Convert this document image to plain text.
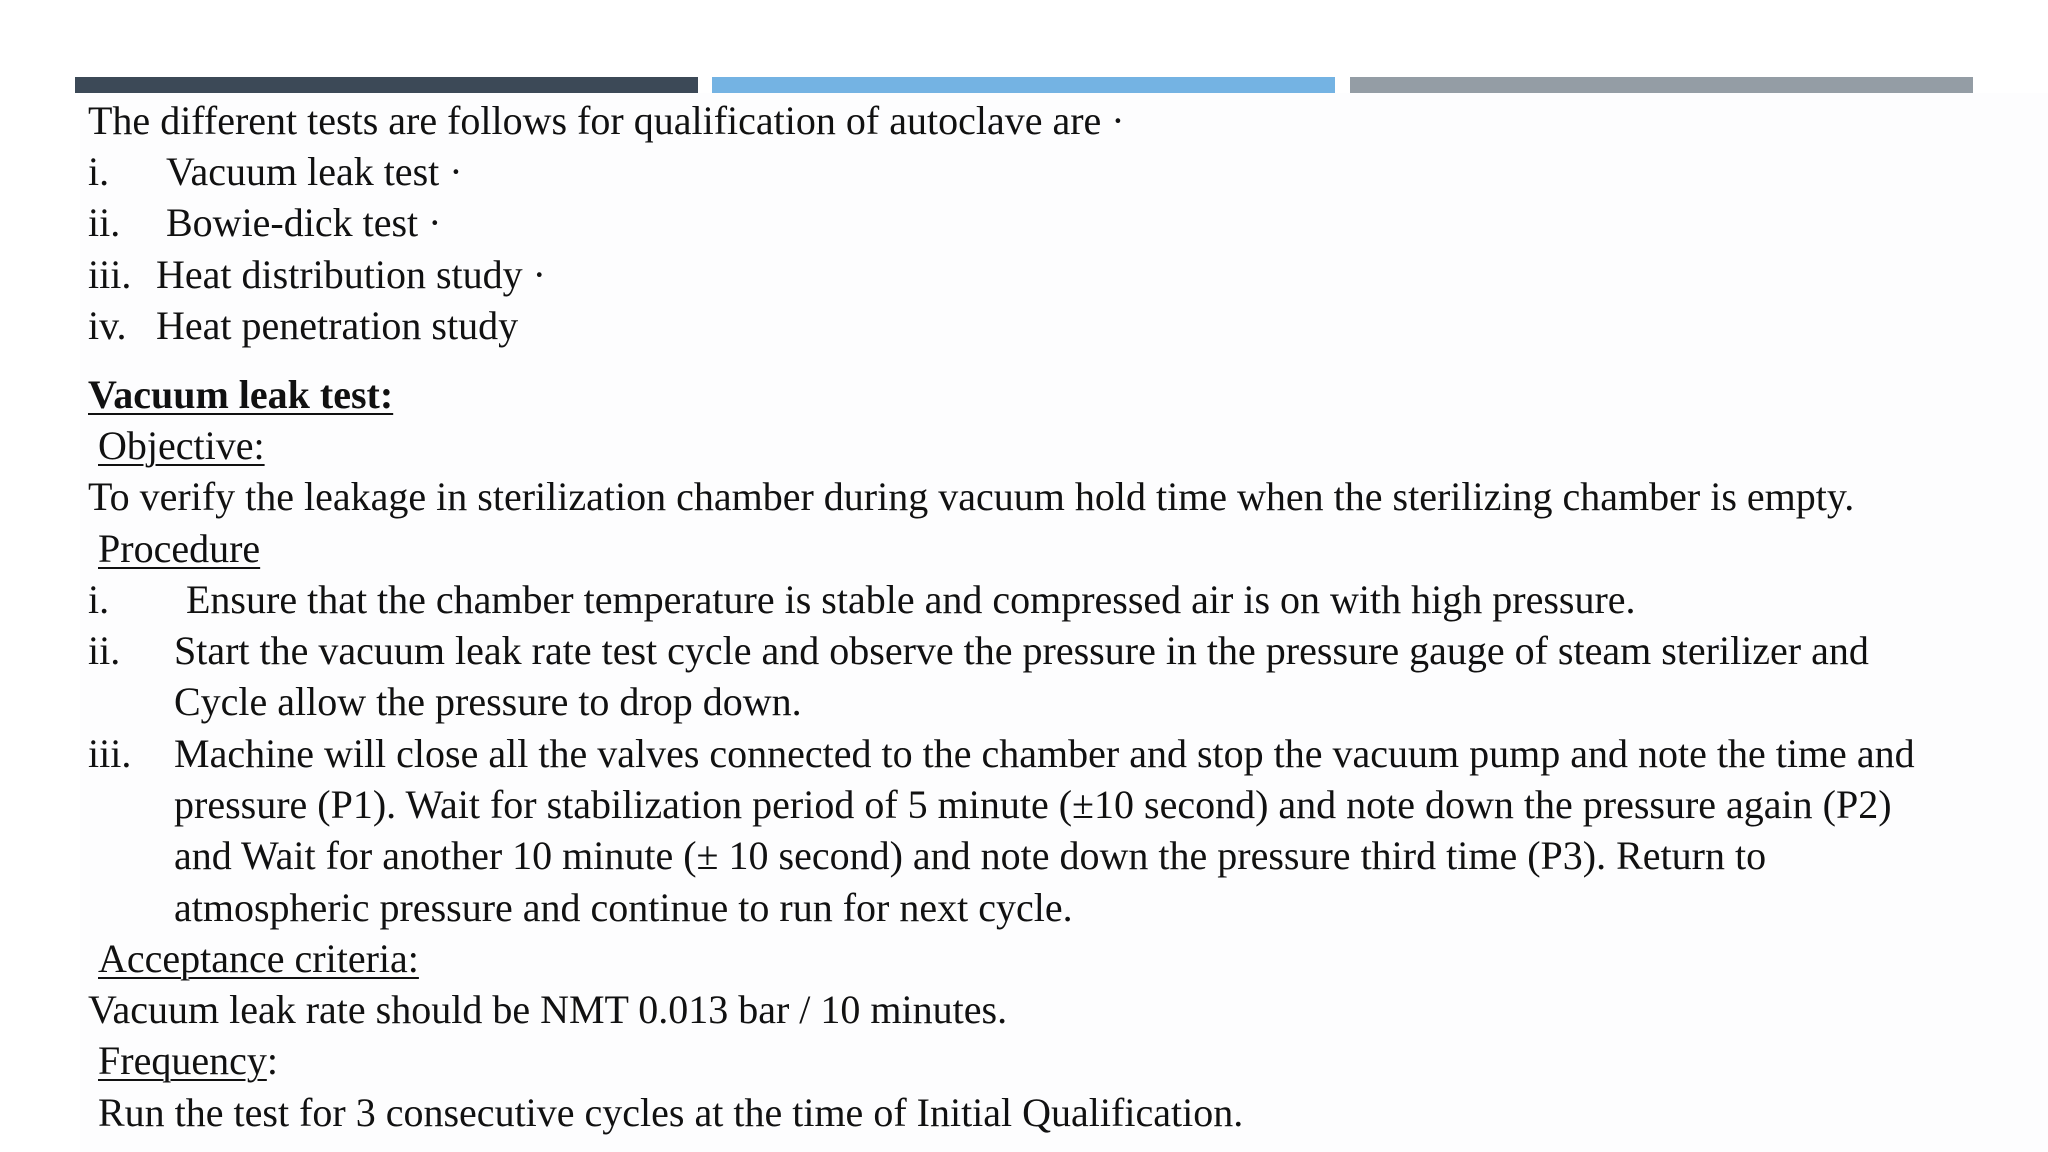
The different tests are follows for qualification of autoclave are ·
i. Vacuum leak test ·
ii. Bowie-dick test ·
iii. Heat distribution study ·
iv. Heat penetration study
Vacuum leak test:
Objective:
To verify the leakage in sterilization chamber during vacuum hold time when the sterilizing chamber is empty.
Procedure
i. Ensure that the chamber temperature is stable and compressed air is on with high pressure.
ii. Start the vacuum leak rate test cycle and observe the pressure in the pressure gauge of steam sterilizer and
Cycle allow the pressure to drop down.
iii. Machine will close all the valves connected to the chamber and stop the vacuum pump and note the time and
pressure (P1). Wait for stabilization period of 5 minute (±10 second) and note down the pressure again (P2)
and Wait for another 10 minute (± 10 second) and note down the pressure third time (P3). Return to
atmospheric pressure and continue to run for next cycle.
Acceptance criteria:
Vacuum leak rate should be NMT 0.013 bar / 10 minutes.
Frequency:
Run the test for 3 consecutive cycles at the time of Initial Qualification.
